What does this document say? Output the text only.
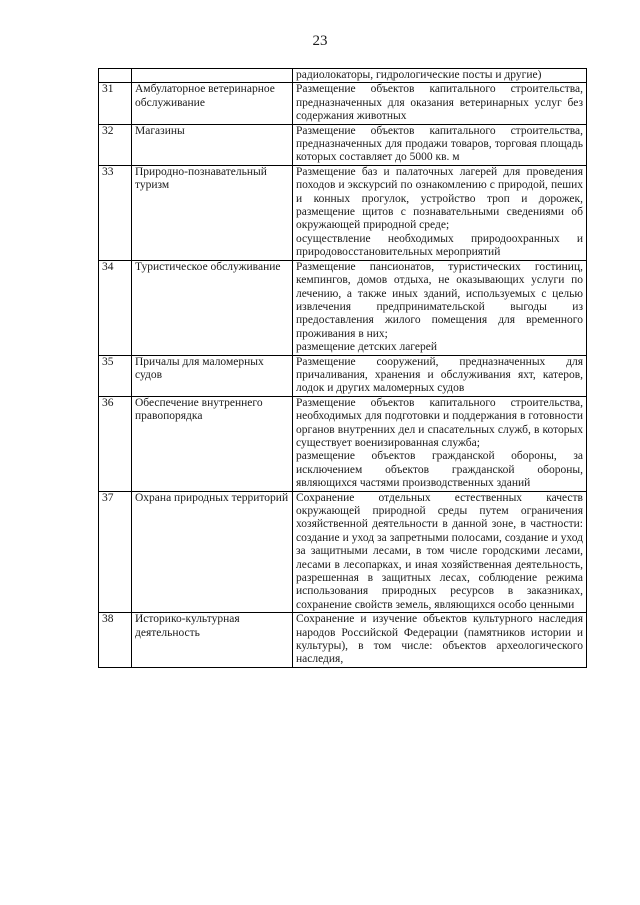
23
		радиолокаторы, гидрологические посты и другие)
31	Амбулаторное ветеринарное обслуживание	Размещение объектов капитального строительства, предназначенных для оказания ветеринарных услуг без содержания животных

32	Магазины	Размещение объектов капитального строительства, предназначенных для продажи товаров, торговая площадь которых составляет до 5000 кв. м

33	Природно-познавательный туризм	Размещение баз и палаточных лагерей для проведения походов и экскурсий по ознакомлению с природой, пеших и конных прогулок, устройство троп и дорожек, размещение щитов с познавательными сведениями об окружающей природной среде;
осуществление необходимых природоохранных и природовосстановительных мероприятий

34	Туристическое обслуживание	Размещение пансионатов, туристических гостиниц, кемпингов, домов отдыха, не оказывающих услуги по лечению, а также иных зданий, используемых с целью извлечения предпринимательской выгоды из предоставления жилого помещения для временного проживания в них;
размещение детских лагерей

35	Причалы для маломерных судов	Размещение сооружений, предназначенных для причаливания, хранения и обслуживания яхт, катеров, лодок и других маломерных судов

36	Обеспечение внутреннего правопорядка	Размещение объектов капитального строительства, необходимых для подготовки и поддержания в готовности органов внутренних дел и спасательных служб, в которых существует военизированная служба;
размещение объектов гражданской обороны, за исключением объектов гражданской обороны, являющихся частями производственных зданий

37	Охрана природных территорий	Сохранение отдельных естественных качеств окружающей природной среды путем ограничения хозяйственной деятельности в данной зоне, в частности: создание и уход за запретными полосами, создание и уход за защитными лесами, в том числе городскими лесами, лесами в лесопарках, и иная хозяйственная деятельность, разрешенная в защитных лесах, соблюдение режима использования природных ресурсов в заказниках, сохранение свойств земель, являющихся особо ценными

38	Историко-культурная деятельность	Сохранение и изучение объектов культурного наследия народов Российской Федерации (памятников истории и культуры), в том числе: объектов археологического наследия,
